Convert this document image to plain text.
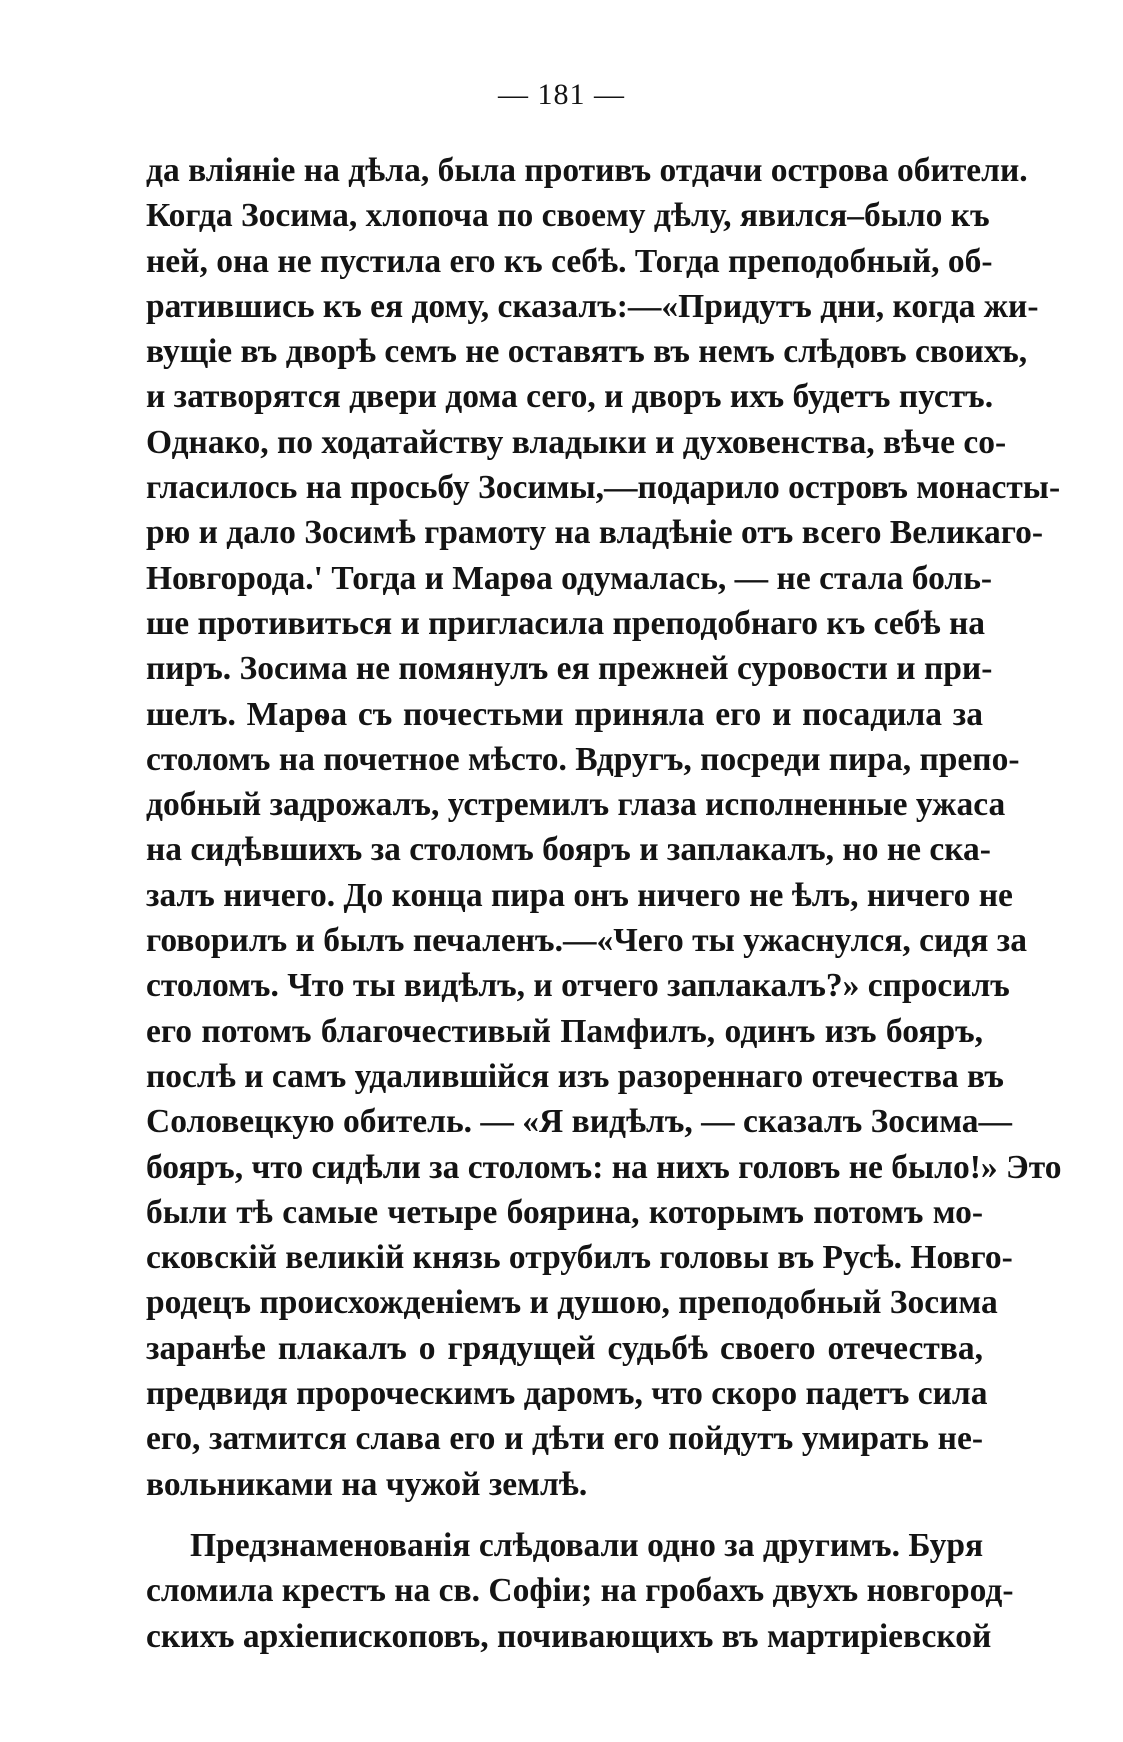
— 181 —
да вліяніе на дѣла, была противъ отдачи острова обители.
Когда Зосима, хлопоча по своему дѣлу, явился–было къ
ней, она не пустила его къ себѣ. Тогда преподобный, об-
ратившись къ ея дому, сказалъ:—«Придутъ дни, когда жи-
вущіе въ дворѣ семъ не оставятъ въ немъ слѣдовъ своихъ,
и затворятся двери дома сего, и дворъ ихъ будетъ пустъ.
Однако, по ходатайству владыки и духовенства, вѣче со-
гласилось на просьбу Зосимы,—подарило островъ монасты-
рю и дало Зосимѣ грамоту на владѣніе отъ всего Великаго-
Новгорода.' Тогда и Марѳа одумалась, — не стала боль-
ше противиться и пригласила преподобнаго къ себѣ на
пиръ. Зосима не помянулъ ея прежней суровости и при-
шелъ. Марѳа съ почестьми приняла его и посадила за
столомъ на почетное мѣсто. Вдругъ, посреди пира, препо-
добный задрожалъ, устремилъ глаза исполненные ужаса
на сидѣвшихъ за столомъ бояръ и заплакалъ, но не ска-
залъ ничего. До конца пира онъ ничего не ѣлъ, ничего не
говорилъ и былъ печаленъ.—«Чего ты ужаснулся, сидя за
столомъ. Что ты видѣлъ, и отчего заплакалъ?» спросилъ
его потомъ благочестивый Памфилъ, одинъ изъ бояръ,
послѣ и самъ удалившійся изъ разореннаго отечества въ
Соловецкую обитель. — «Я видѣлъ, — сказалъ Зосима—
бояръ, что сидѣли за столомъ: на нихъ головъ не было!» Это
были тѣ самые четыре боярина, которымъ потомъ мо-
сковскій великій князь отрубилъ головы въ Русѣ. Новго-
родецъ происхожденіемъ и душою, преподобный Зосима
заранѣе плакалъ о грядущей судьбѣ своего отечества,
предвидя пророческимъ даромъ, что скоро падетъ сила
его, затмится слава его и дѣти его пойдутъ умирать не-
вольниками на чужой землѣ.
Предзнаменованія слѣдовали одно за другимъ. Буря
сломила крестъ на св. Софіи; на гробахъ двухъ новгород-
скихъ архіепископовъ, почивающихъ въ мартиріевской
